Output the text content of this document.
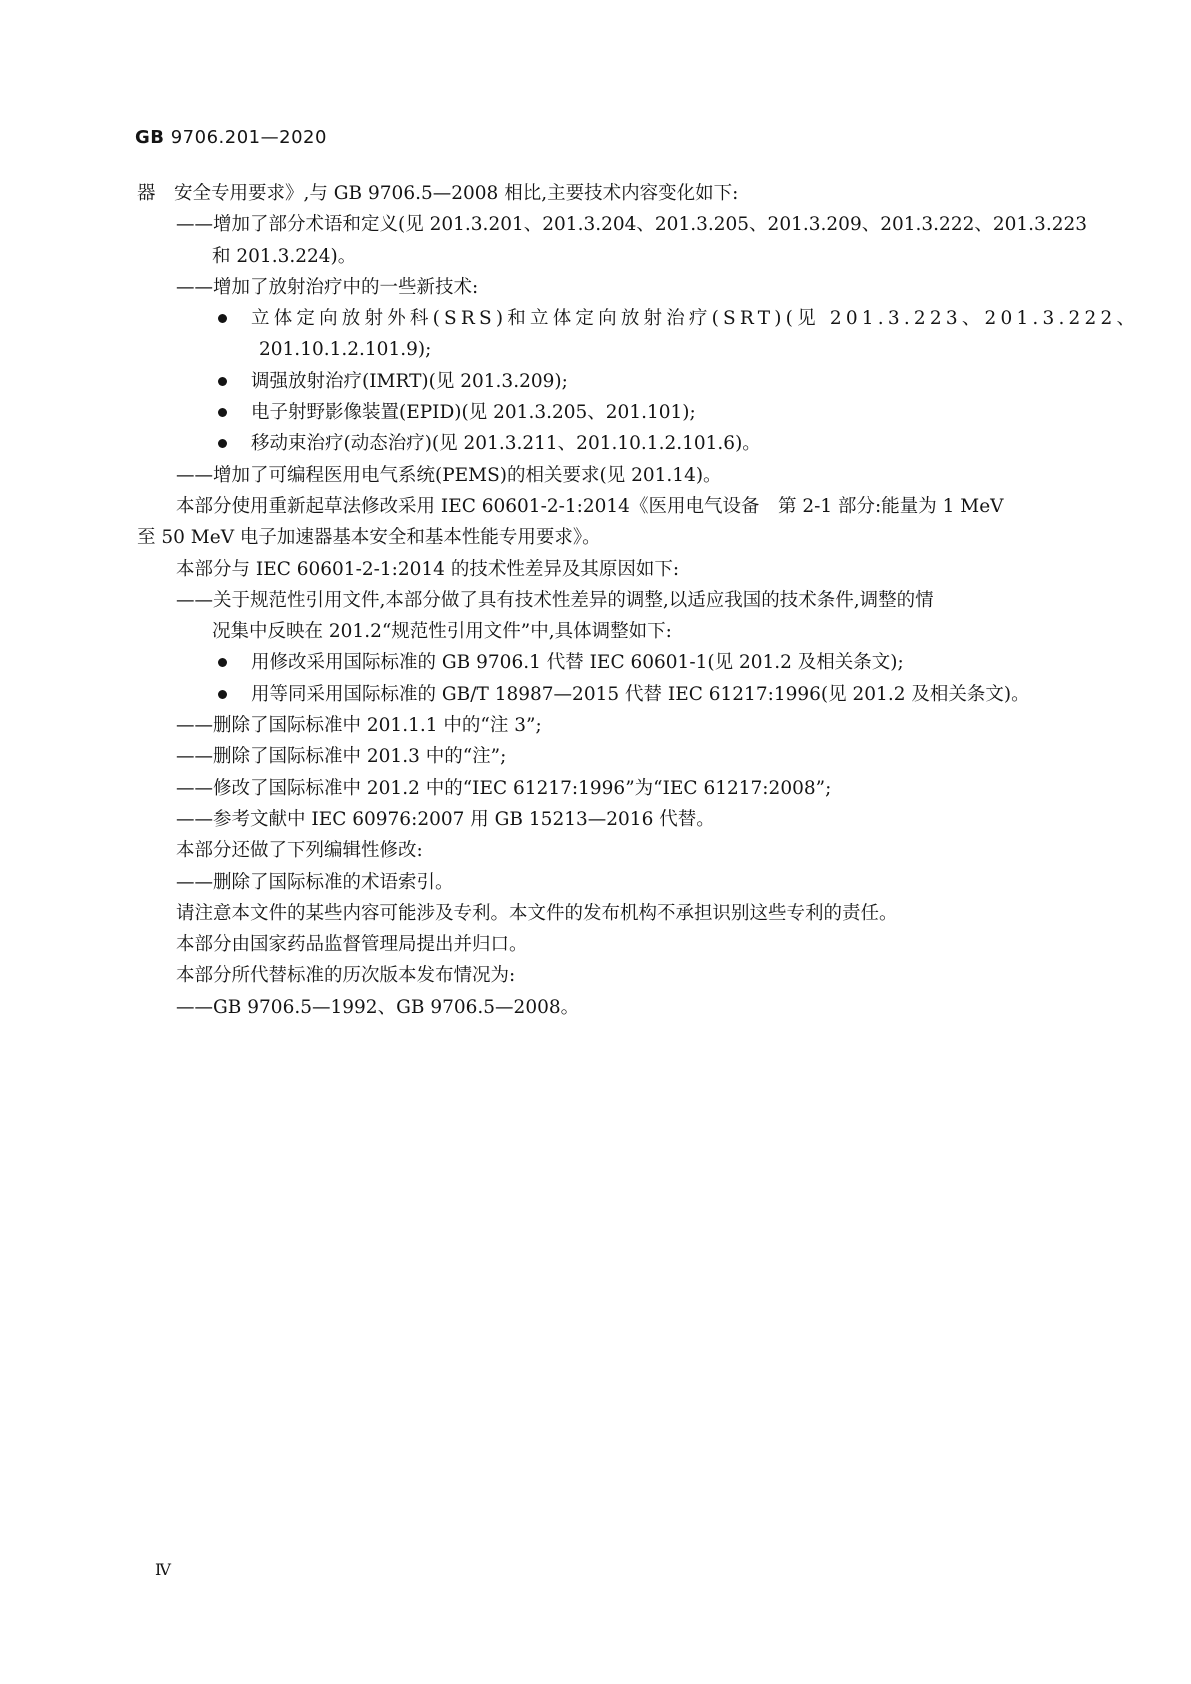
GB 9706.201—2020
器　安全专用要求》,与 GB 9706.5—2008 相比,主要技术内容变化如下:
——增加了部分术语和定义(见 201.3.201、201.3.204、201.3.205、201.3.209、201.3.222、201.3.223
和 201.3.224)。
——增加了放射治疗中的一些新技术:
立体定向放射外科(SRS)和立体定向放射治疗(SRT)(见 201.3.223、201.3.222、
201.10.1.2.101.9);
调强放射治疗(IMRT)(见 201.3.209);
电子射野影像装置(EPID)(见 201.3.205、201.101);
移动束治疗(动态治疗)(见 201.3.211、201.10.1.2.101.6)。
——增加了可编程医用电气系统(PEMS)的相关要求(见 201.14)。
本部分使用重新起草法修改采用 IEC 60601-2-1:2014《医用电气设备　第 2-1 部分:能量为 1 MeV
至 50 MeV 电子加速器基本安全和基本性能专用要求》。
本部分与 IEC 60601-2-1:2014 的技术性差异及其原因如下:
——关于规范性引用文件,本部分做了具有技术性差异的调整,以适应我国的技术条件,调整的情
况集中反映在 201.2“规范性引用文件”中,具体调整如下:
用修改采用国际标准的 GB 9706.1 代替 IEC 60601-1(见 201.2 及相关条文);
用等同采用国际标准的 GB/T 18987—2015 代替 IEC 61217:1996(见 201.2 及相关条文)。
——删除了国际标准中 201.1.1 中的“注 3”;
——删除了国际标准中 201.3 中的“注”;
——修改了国际标准中 201.2 中的“IEC 61217:1996”为“IEC 61217:2008”;
——参考文献中 IEC 60976:2007 用 GB 15213—2016 代替。
本部分还做了下列编辑性修改:
——删除了国际标准的术语索引。
请注意本文件的某些内容可能涉及专利。本文件的发布机构不承担识别这些专利的责任。
本部分由国家药品监督管理局提出并归口。
本部分所代替标准的历次版本发布情况为:
——GB 9706.5—1992、GB 9706.5—2008。
Ⅳ
